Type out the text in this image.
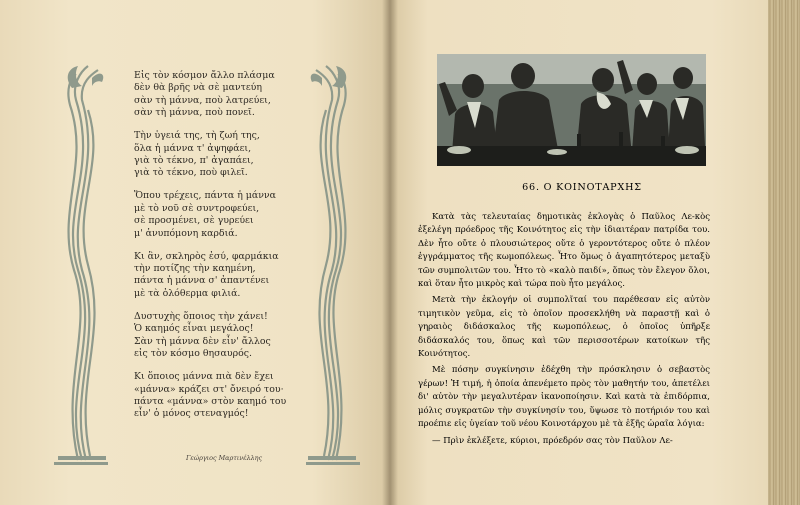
Εἰς τὸν κόσμον ἄλλο πλάσμα
δὲν θὰ βρῆς νὰ σὲ μαντεύη
σὰν τὴ μάννα, ποὺ λατρεύει,
σὰν τὴ μάννα, ποὺ πονεῖ.

Τὴν ὑγειά της, τὴ ζωή της,
ὅλα ἡ μάννα τ' ἀψηφάει,
γιὰ τὸ τέκνο, π' ἀγαπάει,
γιὰ τὸ τέκνο, ποὺ φιλεῖ.

Ὅπου τρέχεις, πάντα ἡ μάννα
μὲ τὸ νοῦ σὲ συντροφεύει,
σὲ προσμένει, σὲ γυρεύει
μ' ἀνυπόμονη καρδιά.

Κι ἂν, σκληρὸς ἐσύ, φαρμάκια
τὴν ποτίζης τὴν καημένη,
πάντα ἡ μάννα σ' ἀπαντένει
μὲ τὰ ὁλόθερμα φιλιά.

Δυστυχὴς ὅποιος τὴν χάνει!
Ὁ καημός εἶναι μεγάλος!
Σὰν τὴ μάννα δὲν εἶν' ἄλλος
εἰς τὸν κόσμο θησαυρός.

Κι ὅποιος μάννα πιὰ δὲν ἔχει
«μάννα» κράζει στ' ὄνειρό του·
πάντα «μάννα» στὸν καημό του
εἶν' ὁ μόνος στεναγμός!

Γεώργιος Μαρτινέλλης
66. Ο ΚΟΙΝΟΤΑΡΧΗΣ

Κατὰ τὰς τελευταίας δημοτικὰς ἐκλογὰς ὁ Παῦλος Λε-κὸς ἐξελέγη πρόεδρος τῆς Κοινότητος εἰς τὴν ἰδιαιτέραν πατρίδα του. Δὲν ἦτο οὔτε ὁ πλουσιώτερος οὔτε ὁ γεροντότερος οὔτε ὁ πλέον ἐγγράμματος τῆς κωμοπόλεως. Ἦτο ὅμως ὁ ἀγαπητότερος μεταξὺ τῶν συμπολιτῶν του. Ἦτο τὸ «καλὸ παιδί», ὅπως τὸν ἔλεγον ὅλοι, καὶ ὅταν ἦτο μικρὸς καὶ τώρα ποὺ ἦτο μεγάλος.

Μετὰ τὴν ἐκλογήν οἱ συμπολῖταί του παρέθεσαν εἰς αὐτὸν τιμητικὸν γεῦμα, εἰς τὸ ὁποῖον προσεκλήθη νὰ παραστῇ καὶ ὁ γηραιὸς διδάσκαλος τῆς κωμοπόλεως, ὁ ὁποῖος ὑπῆρξε διδάσκαλός του, ὅπως καὶ τῶν περισσοτέρων κατοίκων τῆς Κοινότητος.

Μὲ πόσην συγκίνησιν ἐδέχθη τὴν πρόσκλησιν ὁ σεβαστὸς γέρων! Ἡ τιμή, ἡ ὁποία ἀπενέμετο πρὸς τὸν μαθητήν του, ἀπετέλει δι' αὐτὸν τὴν μεγαλυτέραν ἱκανοποίησιν. Καὶ κατὰ τὰ ἐπιδόρπια, μόλις συγκρατῶν τὴν συγκίνησίν του, ὕψωσε τὸ ποτήριόν του καὶ προέπιε εἰς ὑγείαν τοῦ νέου Κοινοτάρχου μὲ τὰ ἑξῆς ὡραῖα λόγια:

— Πρὶν ἐκλέξετε, κύριοι, πρόεδρόν σας τὸν Παῦλον Λε-
